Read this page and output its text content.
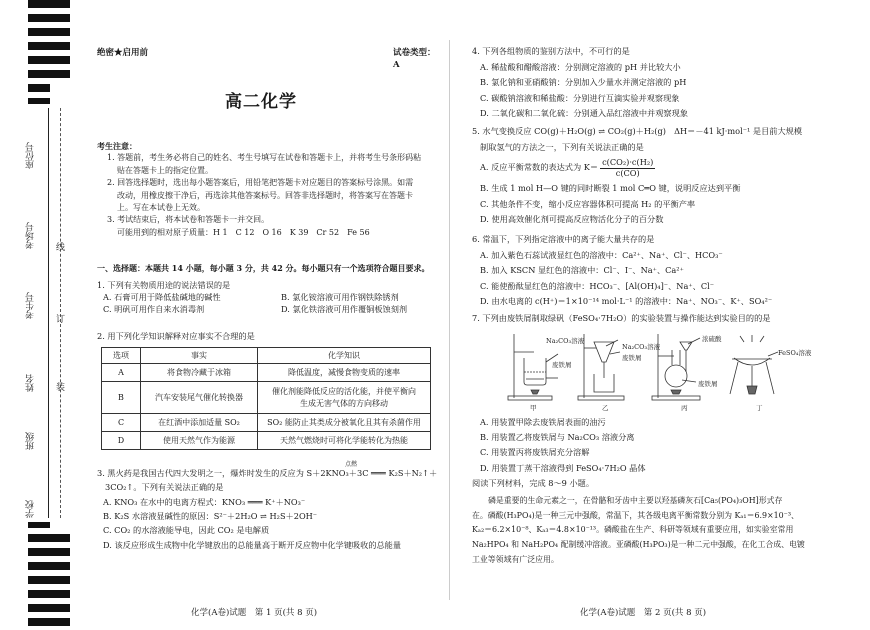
座位号
考场号
考生号
姓名
班级
学校
线
订
装
绝密★启用前	试卷类型：A
高二化学

考生注意：

1. 答题前，考生务必将自己的姓名、考生号填写在试卷和答题卡上，并将考生号条形码粘

贴在答题卡上的指定位置。

2. 回答选择题时，选出每小题答案后，用铅笔把答题卡对应题目的答案标号涂黑。如需

改动，用橡皮擦干净后，再选涂其他答案标号。回答非选择题时，将答案写在答题卡

上。写在本试卷上无效。

3. 考试结束后，将本试卷和答题卡一并交回。

可能用到的相对原子质量：H 1　C 12　O 16　K 39　Cr 52　Fe 56

一、选择题：本题共 14 小题，每小题 3 分，共 42 分。每小题只有一个选项符合题目要求。

1. 下列有关物质用途的说法错误的是

A. 石膏可用于降低盐碱地的碱性	B. 氯化铵溶液可用作钢铁除锈剂
C. 明矾可用作自来水消毒剂	D. 氯化铁溶液可用作覆铜板蚀刻剂

2. 用下列化学知识解释对应事实不合理的是

选项	事实	化学知识
A	将食物冷藏于冰箱	降低温度，减慢食物变质的速率
B	汽车安装尾气催化转换器	催化剂能降低反应的活化能，并使平衡向生成无害气体的方向移动
C	在红酒中添加适量 SO₂	SO₂ 能防止其类成分被氧化且其有杀菌作用
D	使用天然气作为能源	天然气燃烧时可将化学能转化为热能
点燃

3. 黑火药是我国古代四大发明之一，爆炸时发生的反应为 S＋2KNO₃＋3C ═══ K₂S＋N₂↑＋

3CO₂↑。下列有关说法正确的是

A. KNO₃ 在水中的电离方程式：KNO₃ ═══ K⁺＋NO₃⁻

B. K₂S 水溶液显碱性的原因：S²⁻＋2H₂O ⇌ H₂S＋2OH⁻

C. CO₂ 的水溶液能导电，因此 CO₂ 是电解质

D. 该反应形成生成物中化学键放出的总能量高于断开反应物中化学键吸收的总能量

化学(A卷)试题　第 1 页(共 8 页)

4. 下列各组物质的鉴别方法中，不可行的是

A. 稀盐酸和醋酸溶液：分别测定溶液的 pH 并比较大小

B. 氯化钠和亚硝酸钠：分别加入少量水并测定溶液的 pH

C. 碳酸钠溶液和稀盐酸：分别进行互滴实验并观察现象

D. 二氧化碳和二氧化硫：分别通入品红溶液中并观察现象

5. 水气变换反应 CO(g)＋H₂O(g) ⇌ CO₂(g)＋H₂(g)　ΔH＝－41 kJ·mol⁻¹ 是目前大规模

制取氢气的方法之一，下列有关说法正确的是

A. 反应平衡常数的表达式为 $K= \frac{\text{c(CO₂)·c(H₂)}}{c(CO)}$

B. 生成 1 mol H—O 键的同时断裂 1 mol C═O 键，说明反应达到平衡

C. 其他条件不变，缩小反应容器体积可提高 H₂ 的平衡产率

D. 使用高效催化剂可提高反应物活化分子的百分数

6. 常温下，下列指定溶液中的离子能大量共存的是

A. 加入紫色石蕊试液显红色的溶液中：Ca²⁺、Na⁺、Cl⁻、HCO₃⁻

B. 加入 KSCN 显红色的溶液中：Cl⁻、I⁻、Na⁺、Ca²⁺

C. 能使酚酞显红色的溶液中：HCO₃⁻、[Al(OH)₄]⁻、Na⁺、Cl⁻

D. 由水电离的 c(H⁺)＝1×10⁻¹⁴ mol·L⁻¹ 的溶液中：Na⁺、NO₃⁻、K⁺、SO₄²⁻

7. 下列由废铁屑制取绿矾（FeSO₄·7H₂O）的实验装置与操作能达到实验目的的是
Na₂CO₃溶液
废铁屑
Na₂CO₃溶液
废铁屑
浓硫酸
废铁屑
FeSO₄溶液
甲	乙	丙	丁

A. 用装置甲除去废铁屑表面的油污

B. 用装置乙将废铁屑与 Na₂CO₃ 溶液分离

C. 用装置丙将废铁屑充分溶解

D. 用装置丁蒸干溶液得到 FeSO₄·7H₂O 晶体

阅读下列材料，完成 8～9 小题。

磷是重要的生命元素之一，在骨骼和牙齿中主要以羟基磷灰石[Ca₅(PO₄)₃OH]形式存

在。磷酸(H₃PO₄)是一种三元中强酸，常温下，其各级电离平衡常数分别为 Kₐ₁＝6.9×10⁻³、

Kₐ₂＝6.2×10⁻⁸、Kₐ₃＝4.8×10⁻¹³。磷酸盐在生产、科研等领域有重要应用，如实验室常用

Na₂HPO₄ 和 NaH₂PO₄ 配制缓冲溶液。亚磷酸(H₃PO₃)是一种二元中强酸，在化工合成、电镀

工业等领域有广泛应用。

化学(A卷)试题　第 2 页(共 8 页)
